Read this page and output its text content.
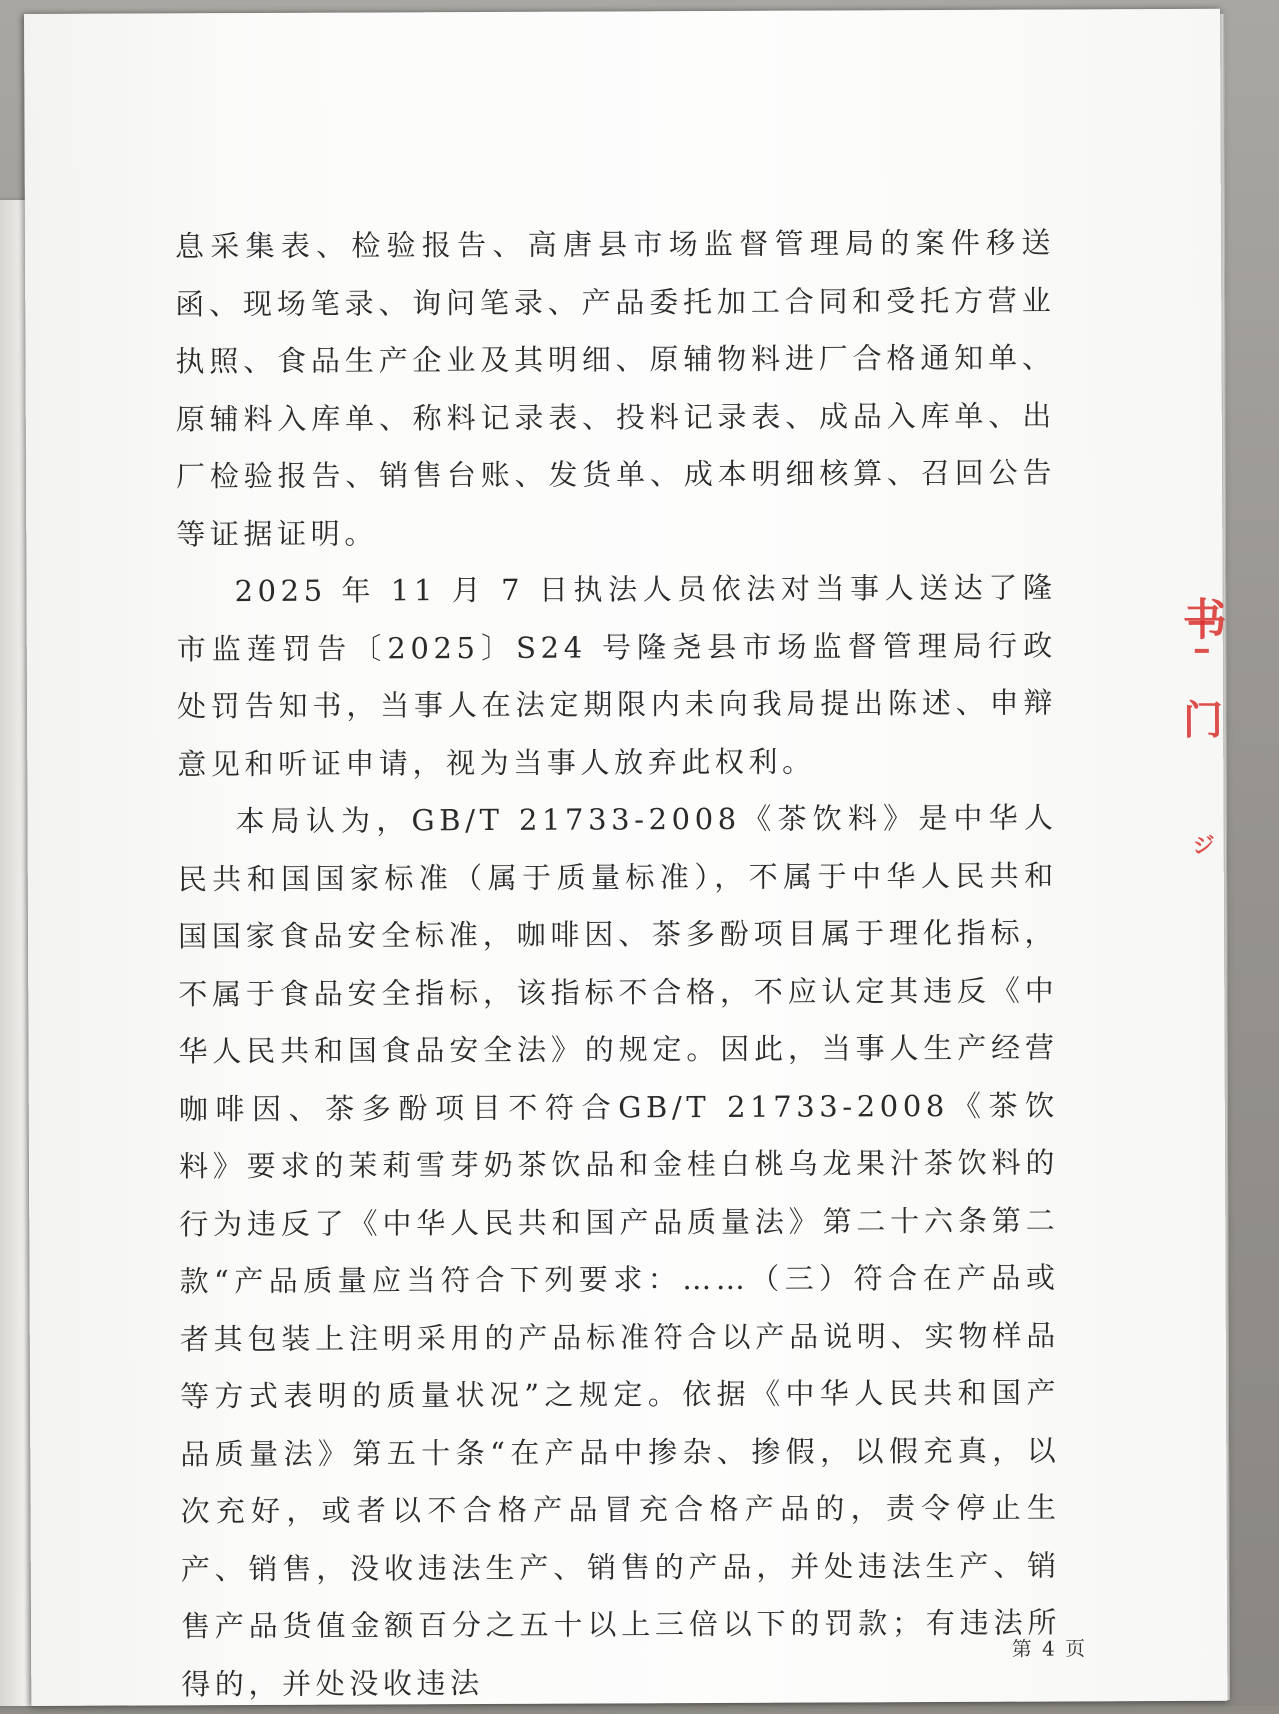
息采集表、检验报告、高唐县市场监督管理局的案件移送函、现场笔录、询问笔录、产品委托加工合同和受托方营业执照、食品生产企业及其明细、原辅物料进厂合格通知单、原辅料入库单、称料记录表、投料记录表、成品入库单、出厂检验报告、销售台账、发货单、成本明细核算、召回公告等证据证明。

2025 年 11 月 7 日执法人员依法对当事人送达了隆市监莲罚告〔2025〕S24 号隆尧县市场监督管理局行政处罚告知书，当事人在法定期限内未向我局提出陈述、申辩意见和听证申请，视为当事人放弃此权利。

本局认为，GB/T 21733-2008《茶饮料》是中华人民共和国国家标准（属于质量标准），不属于中华人民共和国国家食品安全标准，咖啡因、茶多酚项目属于理化指标，不属于食品安全指标，该指标不合格，不应认定其违反《中华人民共和国食品安全法》的规定。因此，当事人生产经营咖啡因、茶多酚项目不符合GB/T 21733-2008《茶饮料》要求的茉莉雪芽奶茶饮品和金桂白桃乌龙果汁茶饮料的行为违反了《中华人民共和国产品质量法》第二十六条第二款“产品质量应当符合下列要求：……（三）符合在产品或者其包装上注明采用的产品标准符合以产品说明、实物样品等方式表明的质量状况”之规定。依据《中华人民共和国产品质量法》第五十条“在产品中掺杂、掺假，以假充真，以次充好，或者以不合格产品冒充合格产品的，责令停止生产、销售，没收违法生产、销售的产品，并处违法生产、销售产品货值金额百分之五十以上三倍以下的罚款；有违法所得的，并处没收违法

第 4 页
书
门
ジ
